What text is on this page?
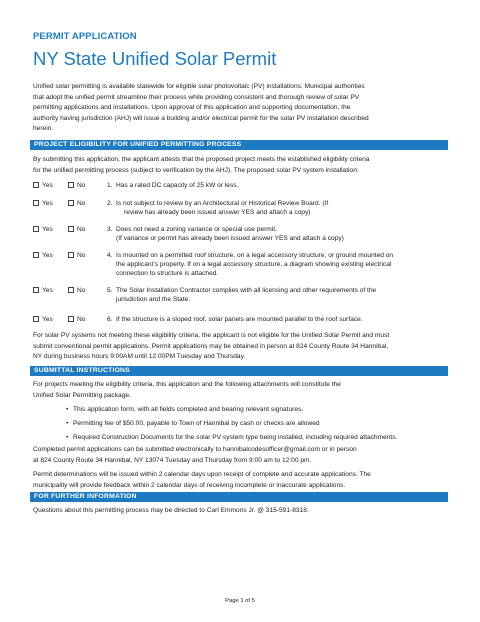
PERMIT APPLICATION
NY State Unified Solar Permit
Unified solar permitting is available statewide for eligible solar photovoltaic (PV) installations. Municipal authorities
that adopt the unified permit streamline their process while providing consistent and thorough review of solar PV
permitting applications and installations. Upon approval of this application and supporting documentation, the
authority having jurisdiction (AHJ) will issue a building and/or electrical permit for the solar PV installation described
herein.
PROJECT ELIGIBILITY FOR UNIFIED PERMITTING PROCESS
By submitting this application, the applicant attests that the proposed project meets the established eligibility criteria
for the unified permitting process (subject to verification by the AHJ). The proposed solar PV system installation:
Yes	No	1. Has a rated DC capacity of 25 kW or less.
Yes	No	2. Is not subject to review by an Architectural or Historical Review Board. (If
review has already been issued answer YES and attach a copy)
Yes	No	3. Does not need a zoning variance or special use permit.
(If variance or permit has already been issued answer YES and attach a copy)
Yes	No	4. Is mounted on a permitted roof structure, on a legal accessory structure, or ground mounted on
the applicant’s property. If on a legal accessory structure, a diagram showing existing electrical
connection to structure is attached.
Yes	No	5. The Solar Installation Contractor complies with all licensing and other requirements of the
jurisdiction and the State.
Yes	No	6. If the structure is a sloped roof, solar panels are mounted parallel to the roof surface.
For solar PV systems not meeting these eligibility criteria, the applicant is not eligible for the Unified Solar Permit and must
submit conventional permit applications. Permit applications may be obtained in person at 824 County Route 34 Hannibal,
NY during business hours 9:00AM until 12:00PM Tuesday and Thursday.
SUBMITTAL INSTRUCTIONS
For projects meeting the eligibility criteria, this application and the following attachments will constitute the
Unified Solar Permitting package.
• This application form, with all fields completed and bearing relevant signatures.
• Permitting fee of $50.00, payable to Town of Hannibal by cash or checks are allowed
• Required Construction Documents for the solar PV system type being installed, including required attachments.
Completed permit applications can be submitted electronically to hannibalcodesofficer@gmail.com or in person
at 824 County Route 34 Hannibal, NY 13074 Tuesday and Thursday from 9:00 am to 12:00 pm.
Permit determinations will be issued within 2 calendar days upon receipt of complete and accurate applications. The
municipality will provide feedback within 2 calendar days of receiving incomplete or inaccurate applications.
FOR FURTHER INFORMATION
Questions about this permitting process may be directed to Carl Emmons Jr. @ 315-591-8318.
Page 1 of 5
